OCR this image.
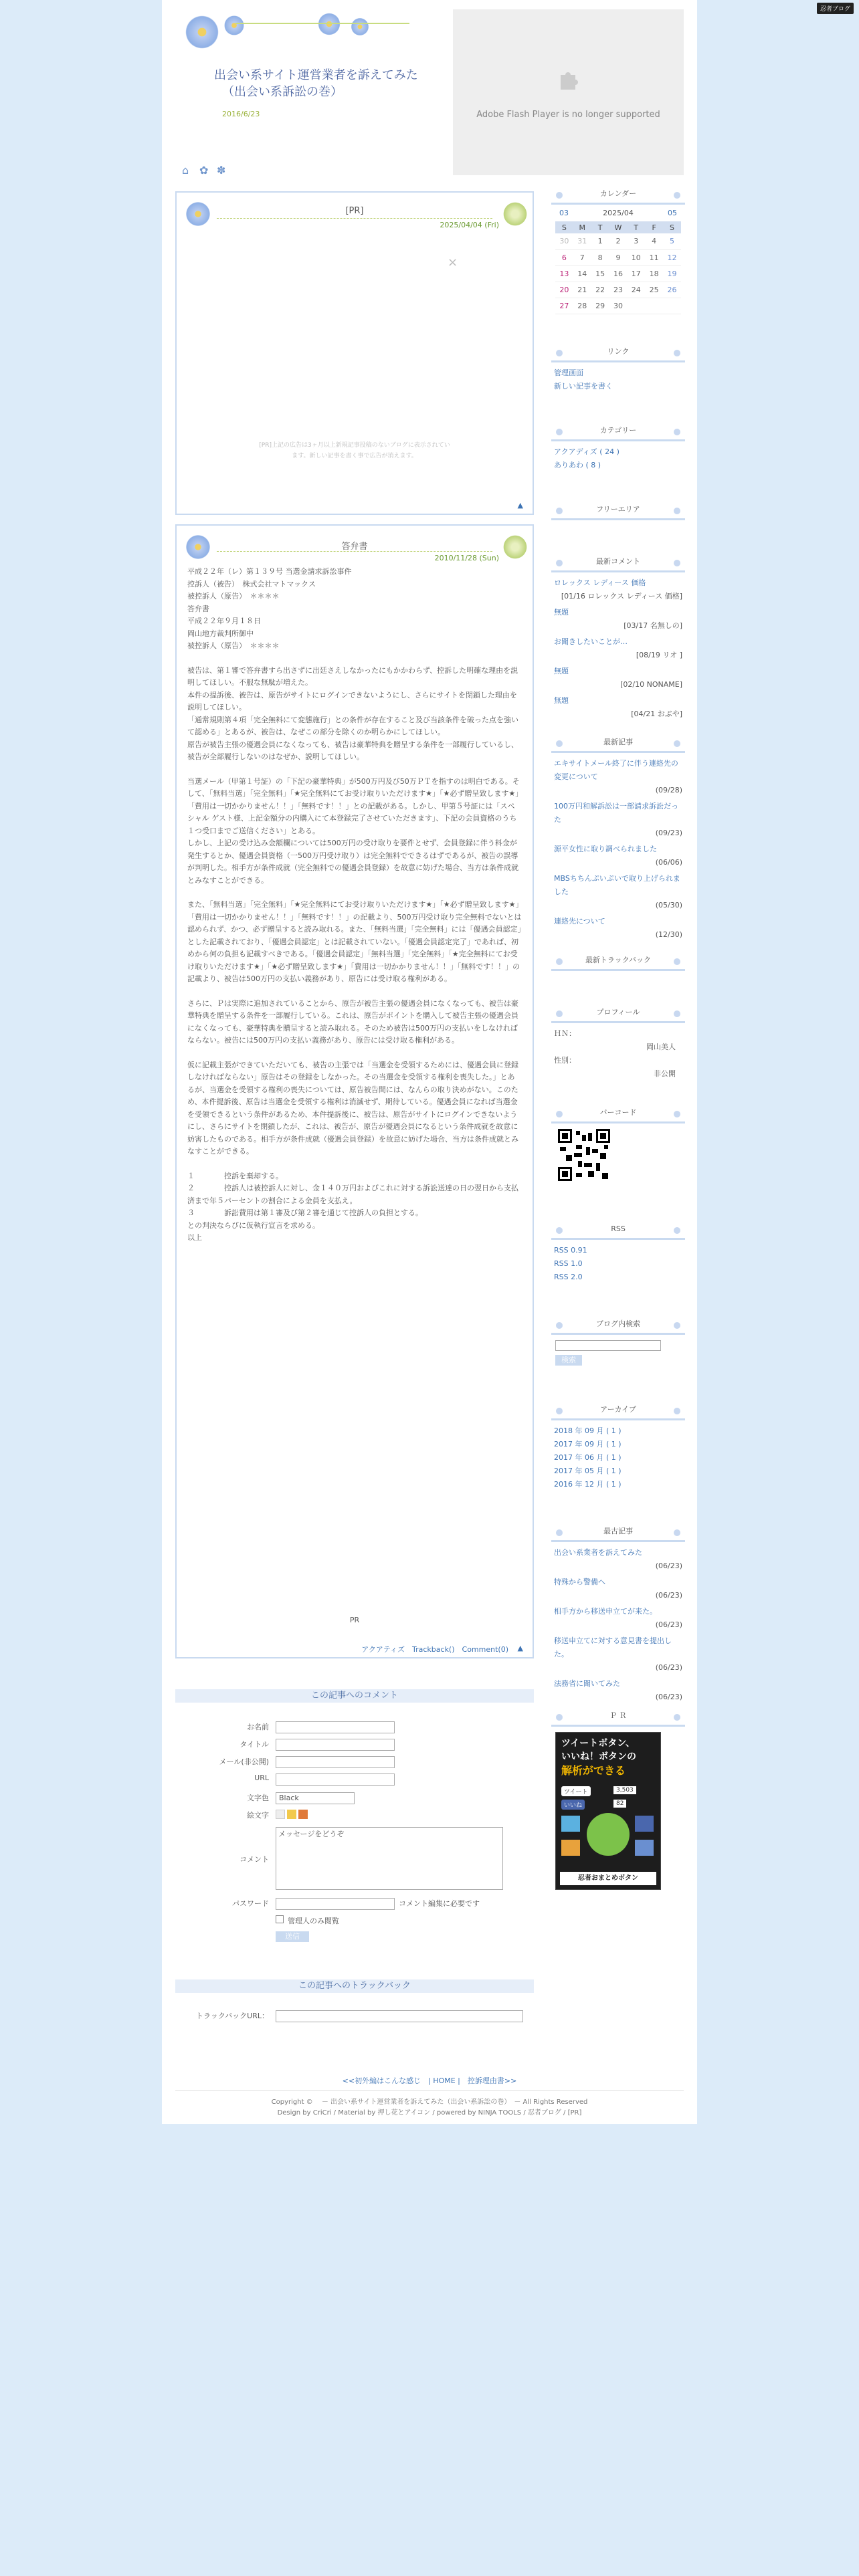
忍者ブログ
出会い系サイト運営業者を訴えてみた
（出会い系訴訟の巻）
2016/6/23	Adobe Flash Player is no longer supported
⌂ ✿ ✽
[PR]
2025/04/04 (Fri)
×
[PR]上記の広告は3ヶ月以上新規記事投稿のないブログに表示されています。新しい記事を書く事で広告が消えます。
▲
答弁書
2010/11/28 (Sun)

平成２２年（レ）第１３９号 当選金請求訴訟事件
控訴人（被告）　株式会社マトマックス
被控訴人（原告）　＊＊＊＊
答弁書
平成２２年９月１８日
岡山地方裁判所御中
被控訴人（原告）　＊＊＊＊

被告は、第１審で答弁書すら出さずに出廷さえしなかったにもかかわらず、控訴した明確な理由を説明してほしい。不服な無駄が増えた。
本件の提訴後、被告は、原告がサイトにログインできないようにし、さらにサイトを閉鎖した理由を説明してほしい。
「通常規則第４項「完全無料にて変態施行」との条件が存在すること及び当該条件を破った点を強いて認める」とあるが、被告は、なぜこの部分を除くのか明らかにしてほしい。
原告が被告主張の優遇会員になくなっても、被告は豪華特典を贈呈する条件を一部履行しているし、被告が全部履行しないのはなぜか、説明してほしい。

当選メール（甲第１号証）の「下記の豪華特典」が500万円及び50万ＰＴを指すのは明白である。そして、「無料当選」「完全無料」「★完全無料にてお受け取りいただけます★」「★必ず贈呈致します★」「費用は一切かかりません！！」「無料です！！」との記載がある。しかし、甲第５号証には「スペシャル ゲスト様、上記金額分の内購入にて本登録完了させていただきます」、下記の会員資格のうち１つ受口までご送信ください」とある。
しかし、上記の受け込み金額欄については500万円の受け取りを要件とせず、会員登録に伴う料金が発生するとか、優遇会員資格（一500万円受け取り）は完全無料でできるはずであるが、被告の誤導が判明した。相手方が条件成就（完全無料での優遇会員登録）を故意に妨げた場合、当方は条件成就とみなすことができる。

また、「無料当選」「完全無料」「★完全無料にてお受け取りいただけます★」「★必ず贈呈致します★」「費用は一切かかりません！！」「無料です！！」の記載より、500万円受け取り完全無料でないとは認められず、かつ、必ず贈呈すると読み取れる。また、「無料当選」「完全無料」には「優遇会員認定」とした記載されており、「優遇会員認定」とは記載されていない。「優遇会員認定完了」であれば、初めから何の負担も記載すべきである。「優遇会員認定」「無料当選」「完全無料」「★完全無料にてお受け取りいただけます★」「★必ず贈呈致します★」「費用は一切かかりません！！」「無料です！！」の記載より、被告は500万円の支払い義務があり、原告には受け取る権利がある。

さらに、Ｐは実際に追加されていることから、原告が被告主張の優遇会員になくなっても、被告は豪華特典を贈呈する条件を一部履行している。これは、原告がポイントを購入して被告主張の優遇会員になくなっても、豪華特典を贈呈すると読み取れる。そのため被告は500万円の支払いをしなければならない。被告には500万円の支払い義務があり、原告には受け取る権利がある。

仮に記載主張ができていただいても、被告の主張では「当選金を受領するためには、優遇会員に登録しなければならない」原告はその登録をしなかった。その当選金を受領する権利を喪失した。」とあるが、当選金を受領する権利の喪失については、原告被告間には、なんらの取り決めがない。このため、本件提訴後、原告は当選金を受領する権利は消滅せず、期待している。優遇会員になれば当選金を受領できるという条件があるため、本件提訴後に、被告は、原告がサイトにログインできないようにし、さらにサイトを閉鎖したが、これは、被告が、原告が優遇会員になるという条件成就を故意に妨害したものである。相手方が条件成就（優遇会員登録）を故意に妨げた場合、当方は条件成就とみなすことができる。

１　　　　控訴を棄却する。
２　　　　控訴人は被控訴人に対し、金１４０万円およびこれに対する訴訟送達の日の翌日から支払済まで年５パーセントの割合による金員を支払え。
３　　　　訴訟費用は第１審及び第２審を通じて控訴人の負担とする。
との判決ならびに仮執行宣言を求める。
以上

PR
アクアティズ　Trackback()　Comment(0) ▲
この記事へのコメント
お名前
タイトル
メール(非公開)
URL
文字色	Black
絵文字
コメント
メッセージをどうぞ
パスワード	コメント編集に必要です
管理人のみ閲覧
送信
この記事へのトラックバック
トラックバックURL：
<<初外編はこんな感じ　| HOME |　控訴理由書>>
Copyright © 　－ 出会い系サイト運営業者を訴えてみた（出会い系訴訟の巻）　－ All Rights Reserved
Design by CriCri / Material by 押し花とアイコン / powered by NINJA TOOLS / 忍者ブログ / [PR]
カレンダー
03	2025/04	05
S	M	T	W	T	F	S
30	31	1	2	3	4	5
6	7	8	9	10	11	12
13	14	15	16	17	18	19
20	21	22	23	24	25	26
27	28	29	30			
リンク
管理画面
新しい記事を書く
カテゴリー
アクアディズ ( 24 )
ありあわ ( 8 )
フリーエリア
最新コメント
ロレックス レディース 価格
[01/16 ロレックス レディース 価格]
無題
[03/17 名無しの]
お聞きしたいことが…
[08/19 リオ ]
無題
[02/10 NONAME]
無題
[04/21 おぶや]
最新記事
エキサイトメール終了に伴う連絡先の変更について
(09/28)
100万円和解訴訟は一部請求訴訟だった
(09/23)
源平女性に取り調べられました
(06/06)
MBSちちんぷいぷいで取り上げられました
(05/30)
連絡先について
(12/30)
最新トラックバック
プロフィール
ＨＮ：
岡山美人
性別：
非公開
バーコード
RSS
RSS 0.91
RSS 1.0
RSS 2.0
ブログ内検索
検索
アーカイブ
2018 年 09 月 ( 1 )
2017 年 09 月 ( 1 )
2017 年 06 月 ( 1 )
2017 年 05 月 ( 1 )
2016 年 12 月 ( 1 )
最古記事
出会い系業者を訴えてみた
(06/23)
特殊から警備へ
(06/23)
相手方から移送申立てが来た。
(06/23)
移送申立てに対する意見書を提出した。
(06/23)
法務省に聞いてみた
(06/23)
Ｐ Ｒ
ツイートボタン、
いいね！ボタンの
解析ができる
ツイート	3,503
いいね	82
忍者おまとめボタン
